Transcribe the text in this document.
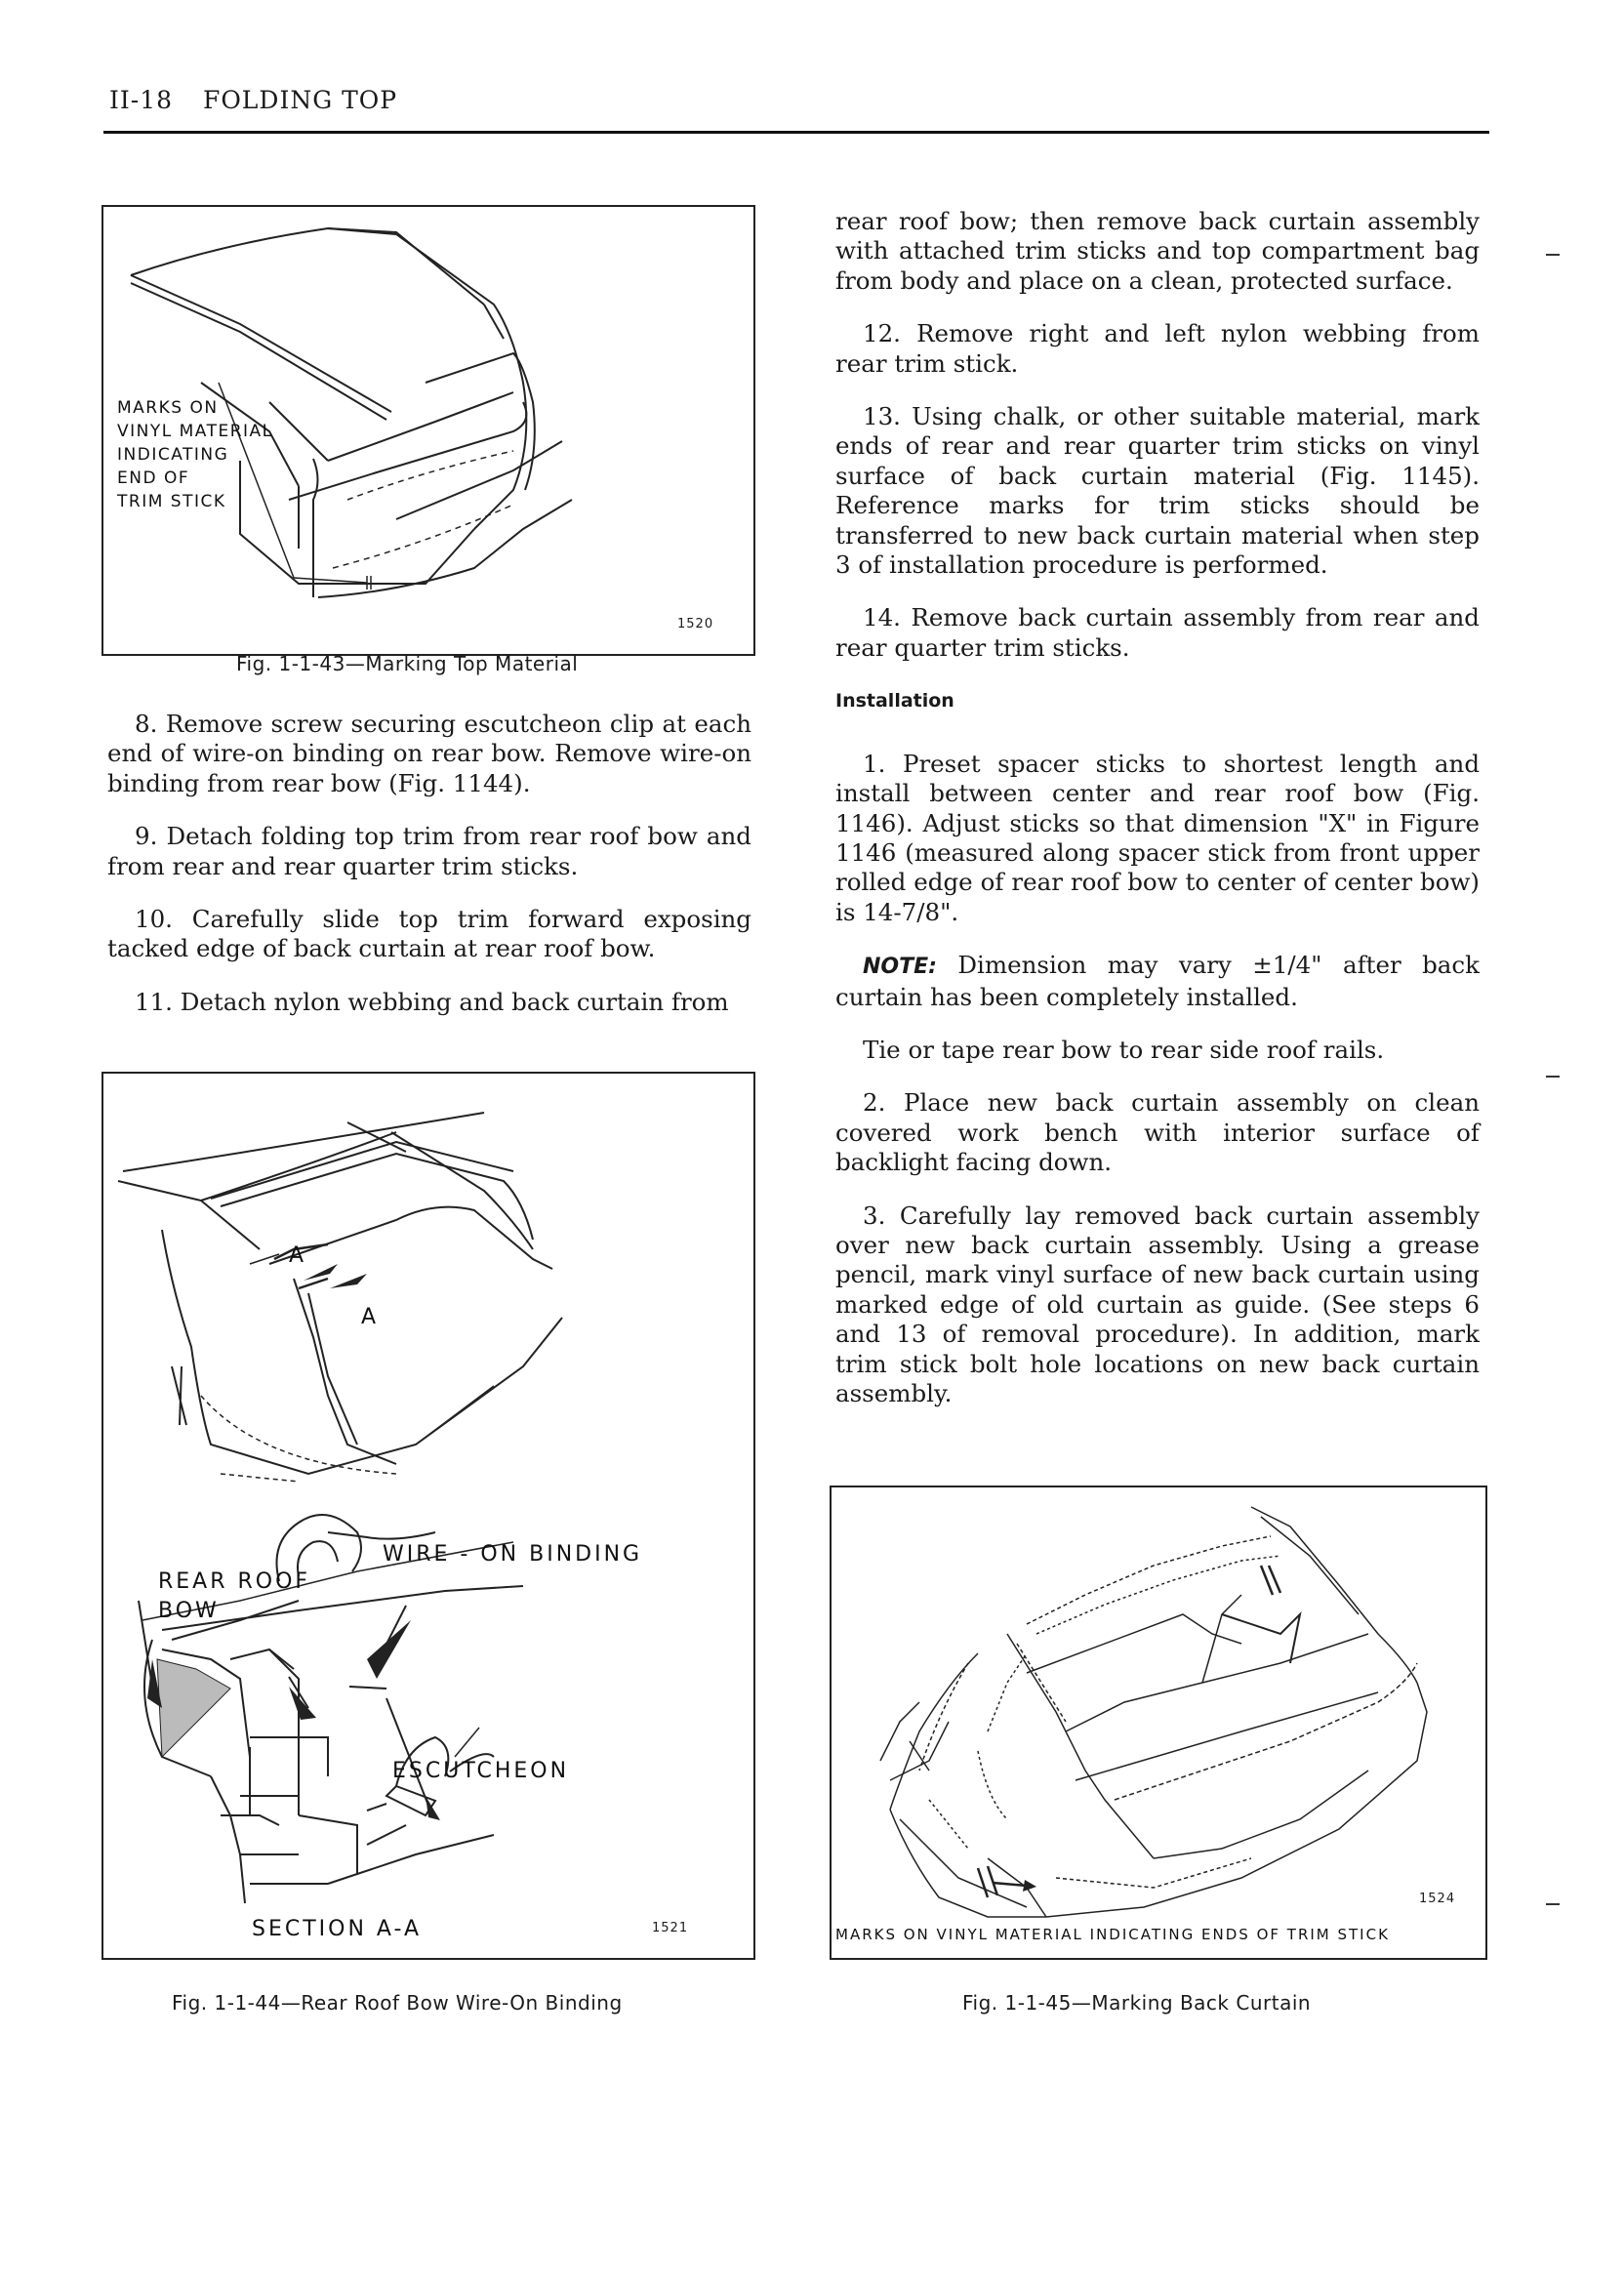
II-18 FOLDING TOP
MARKS ON
VINYL MATERIAL
INDICATING
END OF
TRIM STICK
1520
Fig. 1-1-43—Marking Top Material

8. Remove screw securing escutcheon clip at each end of wire-on binding on rear bow. Remove wire-on binding from rear bow (Fig. 1144).

9. Detach folding top trim from rear roof bow and from rear and rear quarter trim sticks.

10. Carefully slide top trim forward exposing tacked edge of back curtain at rear roof bow.

11. Detach nylon webbing and back curtain from

A
A
WIRE - ON BINDING
REAR ROOF
BOW
ESCUTCHEON
SECTION A-A	1521
Fig. 1-1-44—Rear Roof Bow Wire-On Binding

rear roof bow; then remove back curtain assembly with attached trim sticks and top compartment bag from body and place on a clean, protected surface.

12. Remove right and left nylon webbing from rear trim stick.

13. Using chalk, or other suitable material, mark ends of rear and rear quarter trim sticks on vinyl surface of back curtain material (Fig. 1145). Reference marks for trim sticks should be transferred to new back curtain material when step 3 of installation procedure is performed.

14. Remove back curtain assembly from rear and rear quarter trim sticks.

Installation

1. Preset spacer sticks to shortest length and install between center and rear roof bow (Fig. 1146). Adjust sticks so that dimension "X" in Figure 1146 (measured along spacer stick from front upper rolled edge of rear roof bow to center of center bow) is 14-7/8".

NOTE: Dimension may vary ±1/4" after back curtain has been completely installed.

Tie or tape rear bow to rear side roof rails.

2. Place new back curtain assembly on clean covered work bench with interior surface of backlight facing down.

3. Carefully lay removed back curtain assembly over new back curtain assembly. Using a grease pencil, mark vinyl surface of new back curtain using marked edge of old curtain as guide. (See steps 6 and 13 of removal procedure). In addition, mark trim stick bolt hole locations on new back curtain assembly.

1524
MARKS ON VINYL MATERIAL INDICATING ENDS OF TRIM STICK
Fig. 1-1-45—Marking Back Curtain
